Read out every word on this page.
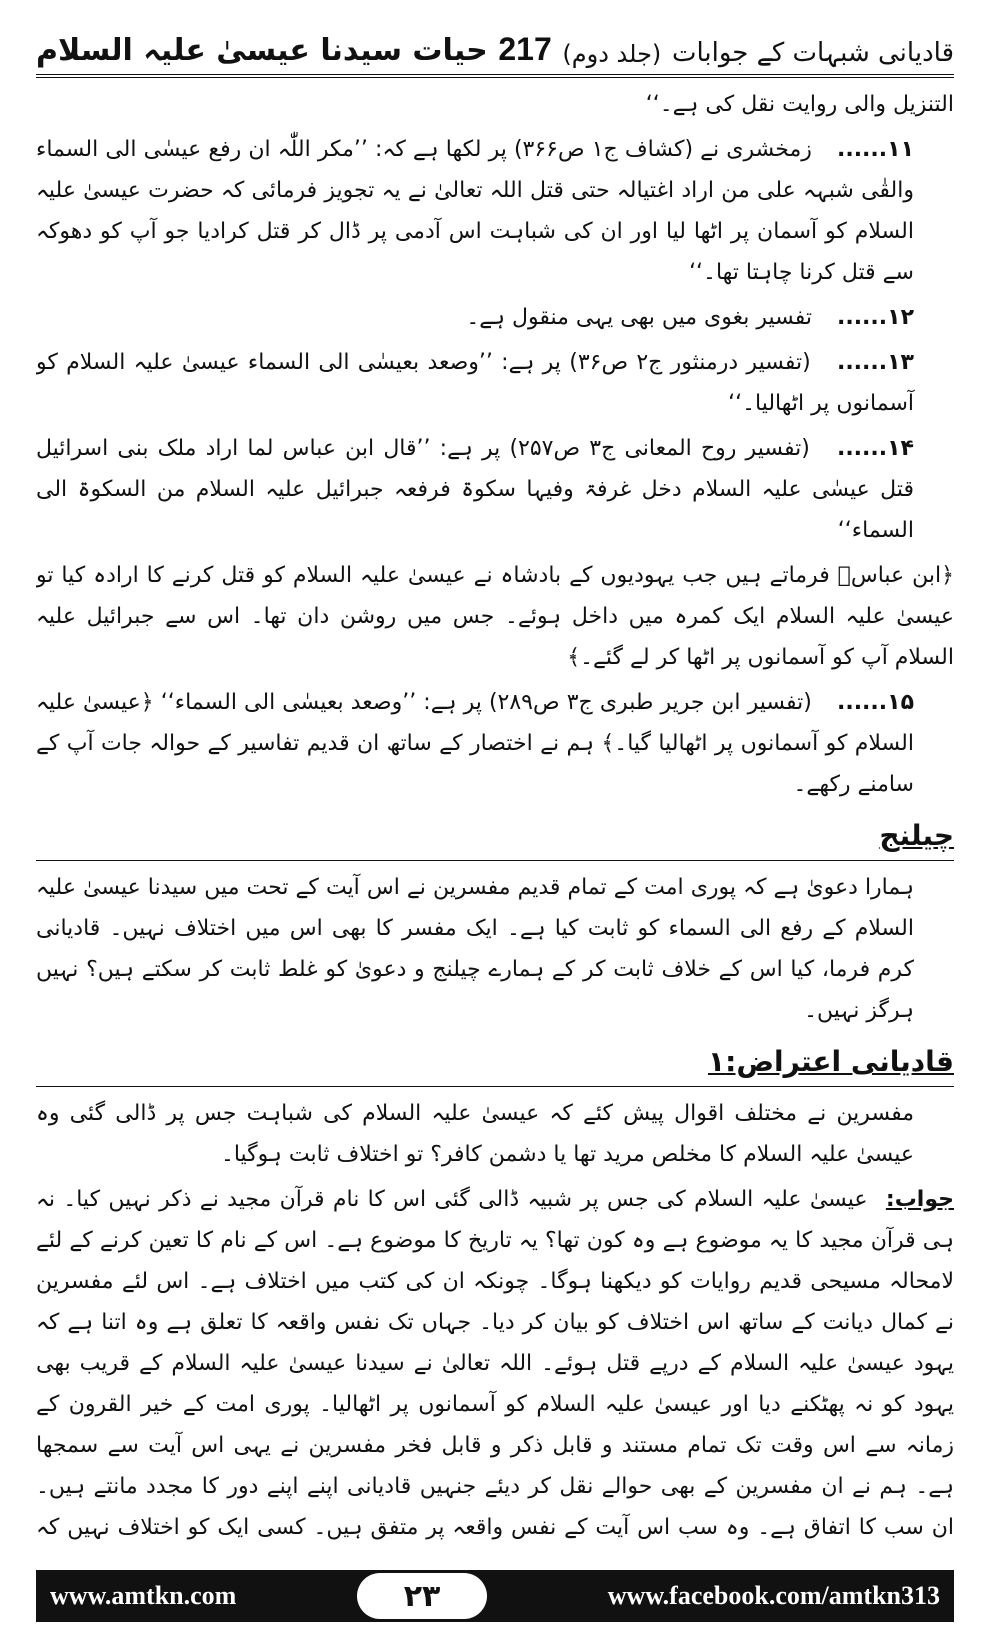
حیات سیدنا عیسیٰ علیہ السلام 217 (جلد دوم) قادیانی شبہات کے جوابات

التنزیل والی روایت نقل کی ہے۔‘‘

۱۱...... زمخشری نے (کشاف ج۱ ص۳۶۶) پر لکھا ہے کہ: ’’مکر اللّٰہ ان رفع عیسٰی الی السماء والقٰی شبہہ علی من اراد اغتیالہ حتی قتل اللہ تعالیٰ نے یہ تجویز فرمائی کہ حضرت عیسیٰ علیہ السلام کو آسمان پر اٹھا لیا اور ان کی شباہت اس آدمی پر ڈال کر قتل کرادیا جو آپ کو دھوکہ سے قتل کرنا چاہتا تھا۔‘‘

۱۲...... تفسیر بغوی میں بھی یہی منقول ہے۔

۱۳...... (تفسیر درمنثور ج۲ ص۳۶) پر ہے: ’’وصعد بعیسٰی الی السماء عیسیٰ علیہ السلام کو آسمانوں پر اٹھالیا۔‘‘

۱۴...... (تفسیر روح المعانی ج۳ ص۲۵۷) پر ہے: ’’قال ابن عباس لما اراد ملک بنی اسرائیل قتل عیسٰی علیہ السلام دخل غرفۃ وفیہا سکوۃ فرفعہ جبرائیل علیہ السلام من السکوۃ الی السماء‘‘

﴿ابن عباسؓ فرماتے ہیں جب یہودیوں کے بادشاہ نے عیسیٰ علیہ السلام کو قتل کرنے کا ارادہ کیا تو عیسیٰ علیہ السلام ایک کمرہ میں داخل ہوئے۔ جس میں روشن دان تھا۔ اس سے جبرائیل علیہ السلام آپ کو آسمانوں پر اٹھا کر لے گئے۔﴾

۱۵...... (تفسیر ابن جریر طبری ج۳ ص۲۸۹) پر ہے: ’’وصعد بعیسٰی الی السماء‘‘ ﴿عیسیٰ علیہ السلام کو آسمانوں پر اٹھالیا گیا۔﴾ ہم نے اختصار کے ساتھ ان قدیم تفاسیر کے حوالہ جات آپ کے سامنے رکھے۔

چیلنج

ہمارا دعویٰ ہے کہ پوری امت کے تمام قدیم مفسرین نے اس آیت کے تحت میں سیدنا عیسیٰ علیہ السلام کے رفع الی السماء کو ثابت کیا ہے۔ ایک مفسر کا بھی اس میں اختلاف نہیں۔ قادیانی کرم فرما، کیا اس کے خلاف ثابت کر کے ہمارے چیلنج و دعویٰ کو غلط ثابت کر سکتے ہیں؟ نہیں ہرگز نہیں۔

قادیانی اعتراض:۱

مفسرین نے مختلف اقوال پیش کئے کہ عیسیٰ علیہ السلام کی شباہت جس پر ڈالی گئی وہ عیسیٰ علیہ السلام کا مخلص مرید تھا یا دشمن کافر؟ تو اختلاف ثابت ہوگیا۔

جواب: عیسیٰ علیہ السلام کی جس پر شبیہ ڈالی گئی اس کا نام قرآن مجید نے ذکر نہیں کیا۔ نہ ہی قرآن مجید کا یہ موضوع ہے وہ کون تھا؟ یہ تاریخ کا موضوع ہے۔ اس کے نام کا تعین کرنے کے لئے لامحالہ مسیحی قدیم روایات کو دیکھنا ہوگا۔ چونکہ ان کی کتب میں اختلاف ہے۔ اس لئے مفسرین نے کمال دیانت کے ساتھ اس اختلاف کو بیان کر دیا۔ جہاں تک نفس واقعہ کا تعلق ہے وہ اتنا ہے کہ یہود عیسیٰ علیہ السلام کے درپے قتل ہوئے۔ اللہ تعالیٰ نے سیدنا عیسیٰ علیہ السلام کے قریب بھی یہود کو نہ پھٹکنے دیا اور عیسیٰ علیہ السلام کو آسمانوں پر اٹھالیا۔ پوری امت کے خیر القرون کے زمانہ سے اس وقت تک تمام مستند و قابل ذکر و قابل فخر مفسرین نے یہی اس آیت سے سمجھا ہے۔ ہم نے ان مفسرین کے بھی حوالے نقل کر دیئے جنہیں قادیانی اپنے اپنے دور کا مجدد مانتے ہیں۔ ان سب کا اتفاق ہے۔ وہ سب اس آیت کے نفس واقعہ پر متفق ہیں۔ کسی ایک کو اختلاف نہیں کہ

www.amtkn.com	۲۳	www.facebook.com/amtkn313
